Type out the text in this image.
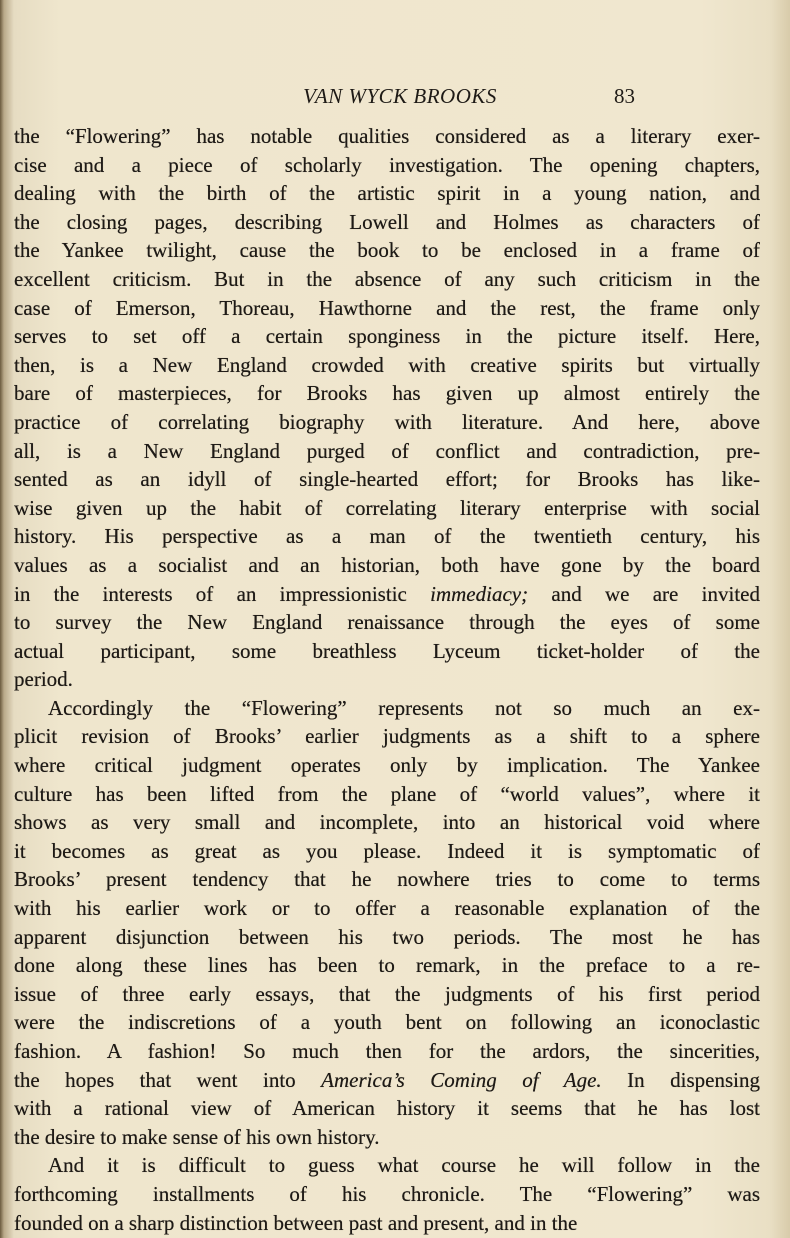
VAN WYCK BROOKS	83
the “Flowering” has notable qualities considered as a literary exer-
cise and a piece of scholarly investigation. The opening chapters,
dealing with the birth of the artistic spirit in a young nation, and
the closing pages, describing Lowell and Holmes as characters of
the Yankee twilight, cause the book to be enclosed in a frame of
excellent criticism. But in the absence of any such criticism in the
case of Emerson, Thoreau, Hawthorne and the rest, the frame only
serves to set off a certain sponginess in the picture itself. Here,
then, is a New England crowded with creative spirits but virtually
bare of masterpieces, for Brooks has given up almost entirely the
practice of correlating biography with literature. And here, above
all, is a New England purged of conflict and contradiction, pre-
sented as an idyll of single-hearted effort; for Brooks has like-
wise given up the habit of correlating literary enterprise with social
history. His perspective as a man of the twentieth century, his
values as a socialist and an historian, both have gone by the board
in the interests of an impressionistic immediacy; and we are invited
to survey the New England renaissance through the eyes of some
actual participant, some breathless Lyceum ticket-holder of the
period.
Accordingly the “Flowering” represents not so much an ex-
plicit revision of Brooks’ earlier judgments as a shift to a sphere
where critical judgment operates only by implication. The Yankee
culture has been lifted from the plane of “world values”, where it
shows as very small and incomplete, into an historical void where
it becomes as great as you please. Indeed it is symptomatic of
Brooks’ present tendency that he nowhere tries to come to terms
with his earlier work or to offer a reasonable explanation of the
apparent disjunction between his two periods. The most he has
done along these lines has been to remark, in the preface to a re-
issue of three early essays, that the judgments of his first period
were the indiscretions of a youth bent on following an iconoclastic
fashion. A fashion! So much then for the ardors, the sincerities,
the hopes that went into America’s Coming of Age. In dispensing
with a rational view of American history it seems that he has lost
the desire to make sense of his own history.
And it is difficult to guess what course he will follow in the
forthcoming installments of his chronicle. The “Flowering” was
founded on a sharp distinction between past and present, and in the
